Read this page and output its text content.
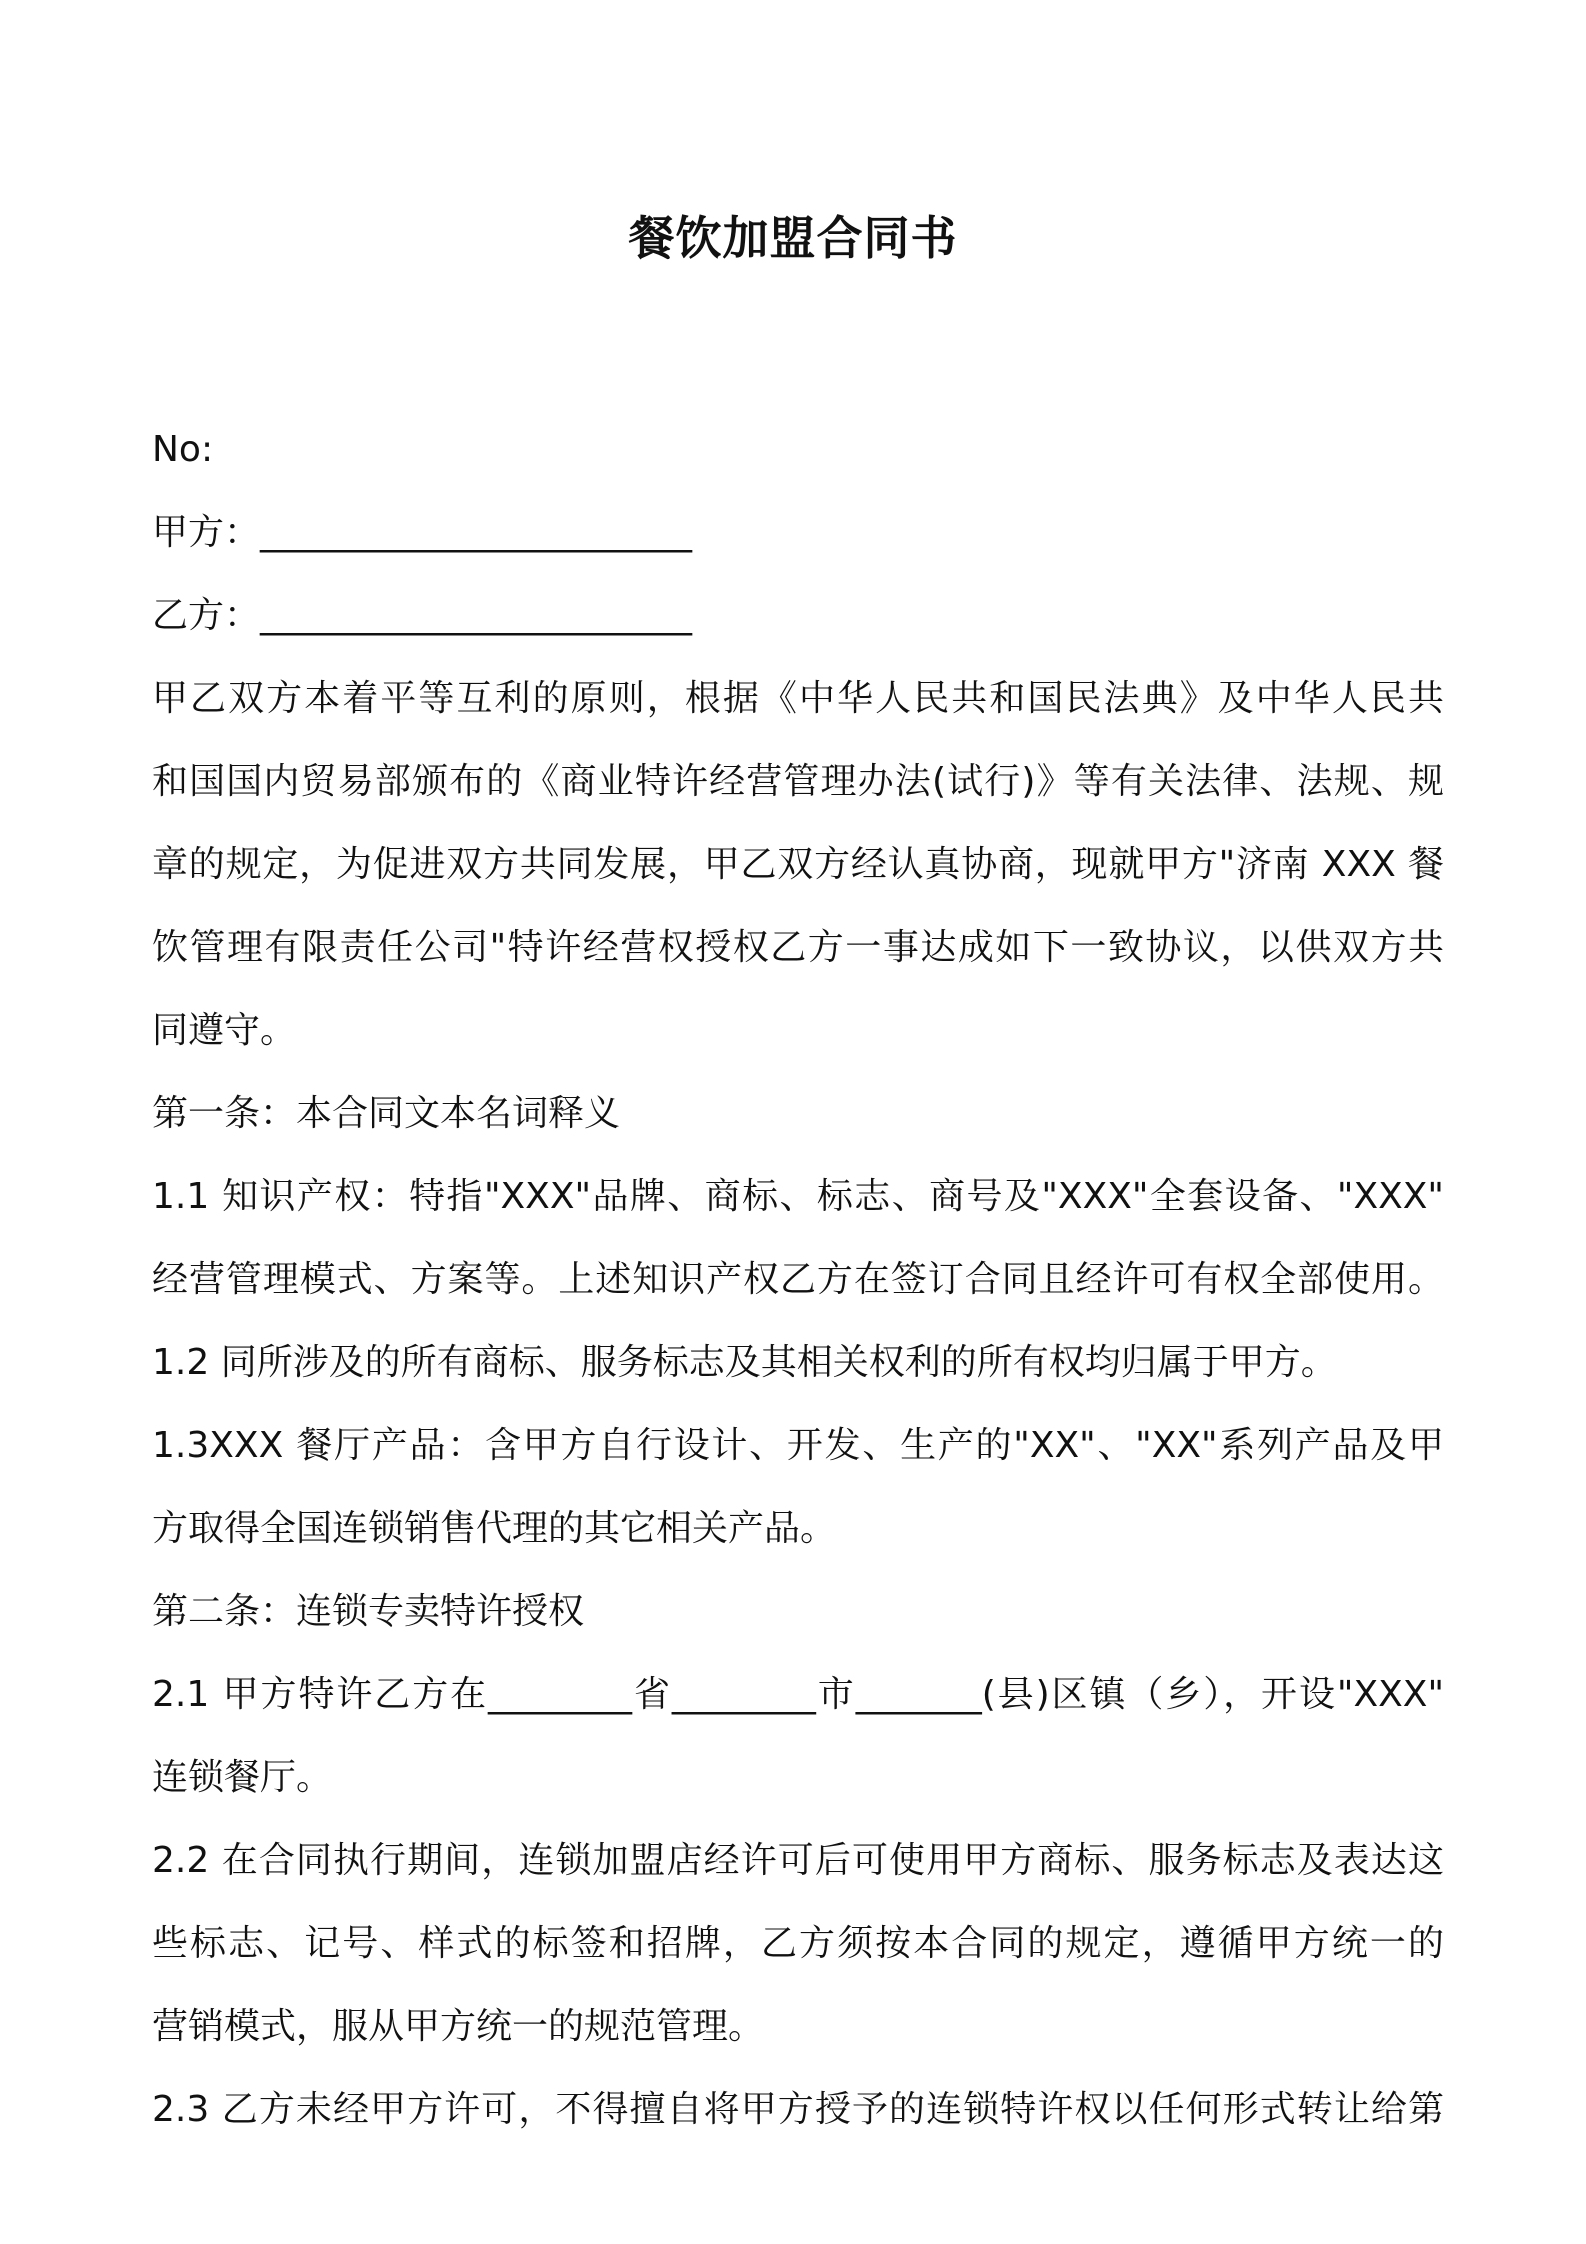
餐饮加盟合同书
No:
甲方：________________________
乙方：________________________
甲乙双方本着平等互利的原则，根据《中华人民共和国民法典》及中华人民共
和国国内贸易部颁布的《商业特许经营管理办法(试行)》等有关法律、法规、规
章的规定，为促进双方共同发展，甲乙双方经认真协商，现就甲方"济南 XXX 餐
饮管理有限责任公司"特许经营权授权乙方一事达成如下一致协议，以供双方共
同遵守。
第一条：本合同文本名词释义
1.1 知识产权：特指"XXX"品牌、商标、标志、商号及"XXX"全套设备、"XXX"
经营管理模式、方案等。上述知识产权乙方在签订合同且经许可有权全部使用。
1.2 同所涉及的所有商标、服务标志及其相关权利的所有权均归属于甲方。
1.3XXX 餐厅产品：含甲方自行设计、开发、生产的"XX"、"XX"系列产品及甲
方取得全国连锁销售代理的其它相关产品。
第二条：连锁专卖特许授权
2.1 甲方特许乙方在________省________市_______(县)区镇（乡），开设"XXX"
连锁餐厅。
2.2 在合同执行期间，连锁加盟店经许可后可使用甲方商标、服务标志及表达这
些标志、记号、样式的标签和招牌，乙方须按本合同的规定，遵循甲方统一的
营销模式，服从甲方统一的规范管理。
2.3 乙方未经甲方许可，不得擅自将甲方授予的连锁特许权以任何形式转让给第
